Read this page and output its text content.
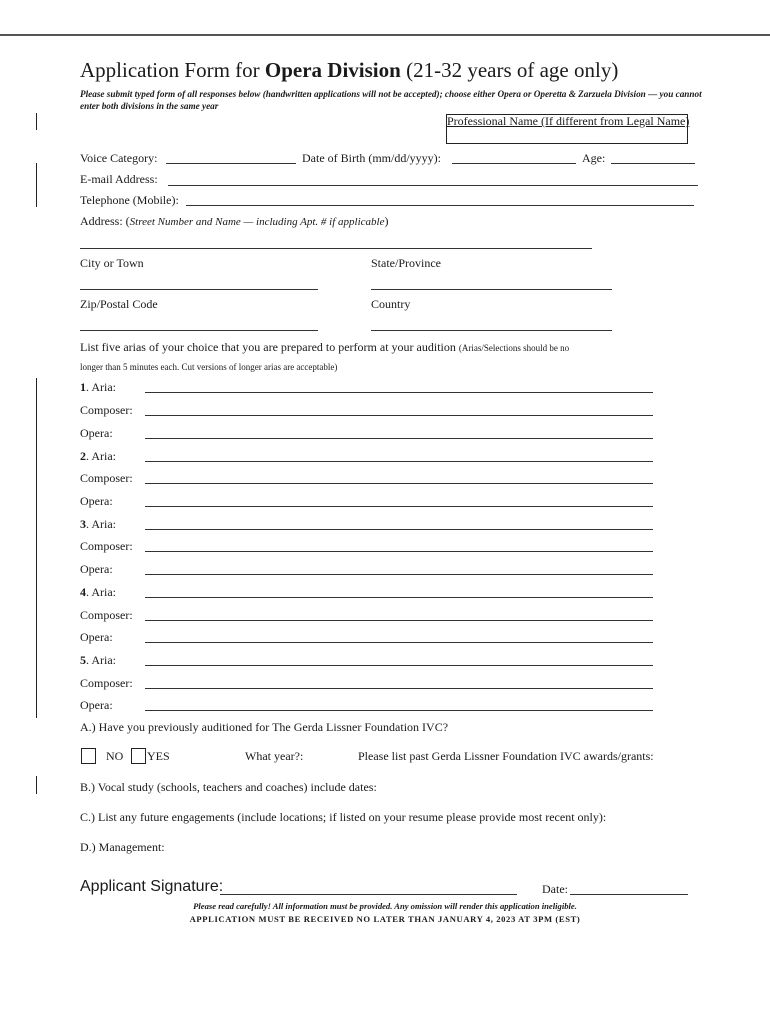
Application Form for Opera Division (21-32 years of age only)
Please submit typed form of all responses below (handwritten applications will not be accepted); choose either Opera or Operetta & Zarzuela Division — you cannot enter both divisions in the same year
Professional Name (If different from Legal Name)
Voice Category:	Date of Birth (mm/dd/yyyy):	Age:
E-mail Address:
Telephone (Mobile):
Address: (Street Number and Name — including Apt. # if applicable)
City or Town	State/Province
Zip/Postal Code	Country
List five arias of your choice that you are prepared to perform at your audition (Arias/Selections should be no
longer than 5 minutes each. Cut versions of longer arias are acceptable)
1. Aria:
Composer:
Opera:
2. Aria:
Composer:
Opera:
3. Aria:
Composer:
Opera:
4. Aria:
Composer:
Opera:
5. Aria:
Composer:
Opera:
A.) Have you previously auditioned for The Gerda Lissner Foundation IVC?
NO YES	What year?:	Please list past Gerda Lissner Foundation IVC awards/grants:
B.) Vocal study (schools, teachers and coaches) include dates:
C.) List any future engagements (include locations; if listed on your resume please provide most recent only):
D.) Management:
Applicant Signature:	Date:
Please read carefully! All information must be provided. Any omission will render this application ineligible.
APPLICATION MUST BE RECEIVED NO LATER THAN JANUARY 4, 2023 AT 3PM (EST)
